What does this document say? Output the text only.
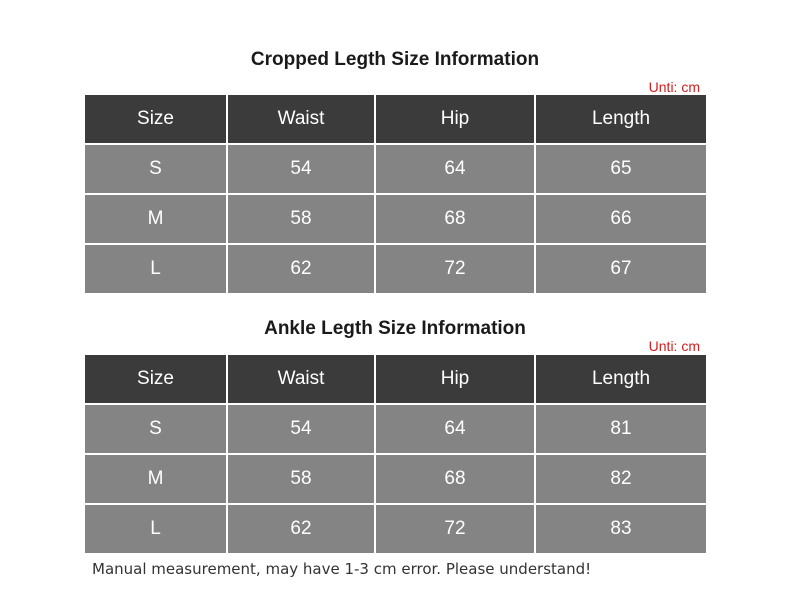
Cropped Legth Size Information
Unti: cm
Size	Waist	Hip	Length
S	54	64	65
M	58	68	66
L	62	72	67
Ankle Legth Size Information
Unti: cm
Size	Waist	Hip	Length
S	54	64	81
M	58	68	82
L	62	72	83
Manual measurement, may have 1-3 cm error. Please understand!
